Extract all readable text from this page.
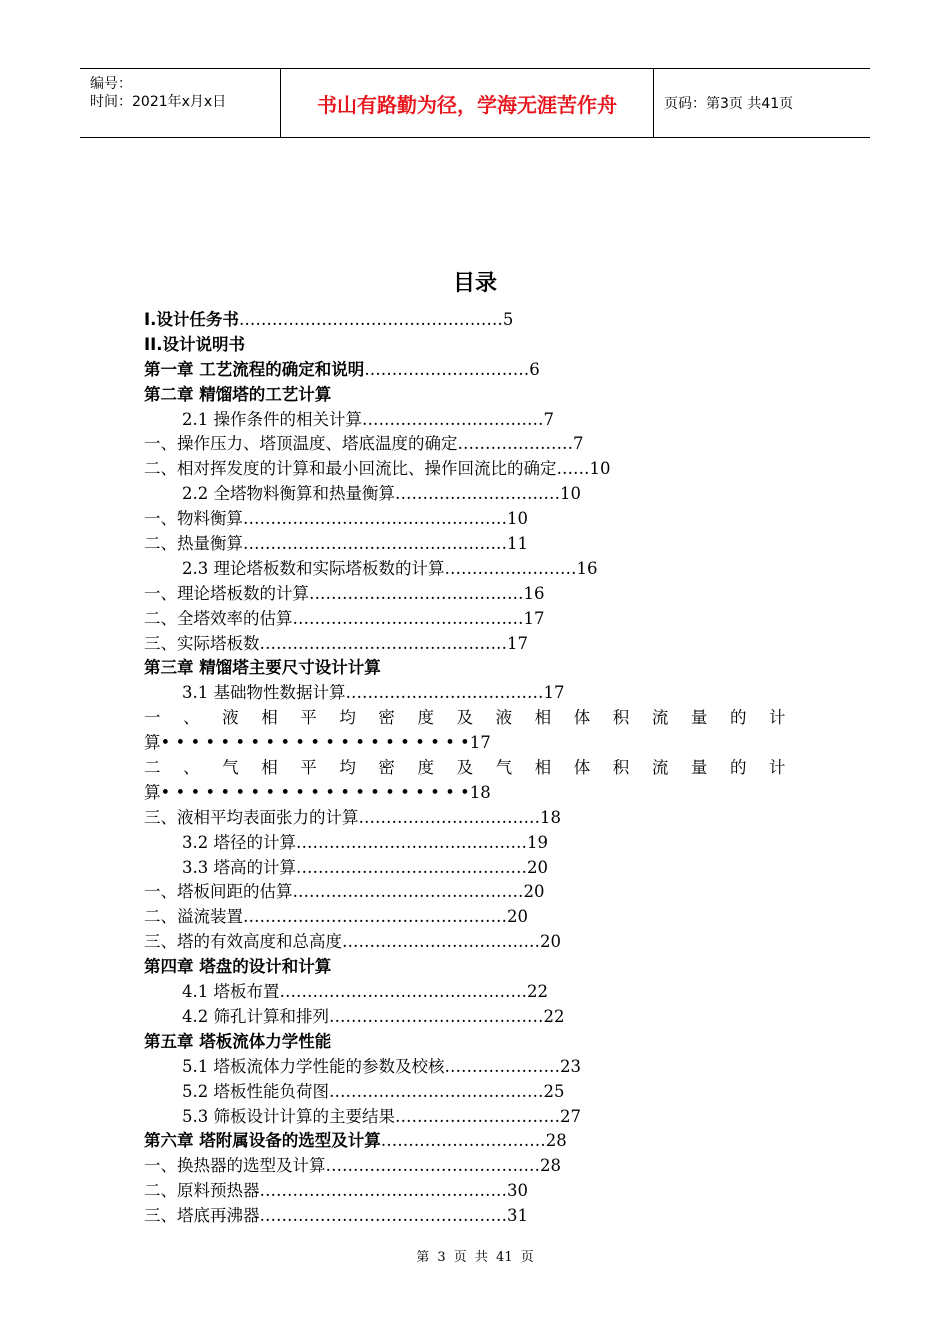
编号：
时间：2021年x月x日	书山有路勤为径，学海无涯苦作舟	页码：第3页 共41页
目录
I.设计任务书…………………………………………5
II.设计说明书
第一章 工艺流程的确定和说明…………………………6
第二章 精馏塔的工艺计算
2.1 操作条件的相关计算……………………………7
一、操作压力、塔顶温度、塔底温度的确定…………………7
二、相对挥发度的计算和最小回流比、操作回流比的确定……10
2.2 全塔物料衡算和热量衡算…………………………10
一、物料衡算…………………………………………10
二、热量衡算…………………………………………11
2.3 理论塔板数和实际塔板数的计算……………………16
一、理论塔板数的计算…………………………………16
二、全塔效率的估算……………………………………17
三、实际塔板数………………………………………17
第三章 精馏塔主要尺寸设计计算
3.1 基础物性数据计算………………………………17
一、液相平均密度及液相体积流量的计
算• • • • • • • • • • • • • • • • • • • • •17
二、气相平均密度及气相体积流量的计
算• • • • • • • • • • • • • • • • • • • • •18
三、液相平均表面张力的计算……………………………18
3.2 塔径的计算……………………………………19
3.3 塔高的计算……………………………………20
一、塔板间距的估算……………………………………20
二、溢流装置…………………………………………20
三、塔的有效高度和总高度………………………………20
第四章 塔盘的设计和计算
4.1 塔板布置………………………………………22
4.2 筛孔计算和排列…………………………………22
第五章 塔板流体力学性能
5.1 塔板流体力学性能的参数及校核…………………23
5.2 塔板性能负荷图…………………………………25
5.3 筛板设计计算的主要结果…………………………27
第六章 塔附属设备的选型及计算…………………………28
一、换热器的选型及计算…………………………………28
二、原料预热器………………………………………30
三、塔底再沸器………………………………………31
第 3 页 共 41 页
